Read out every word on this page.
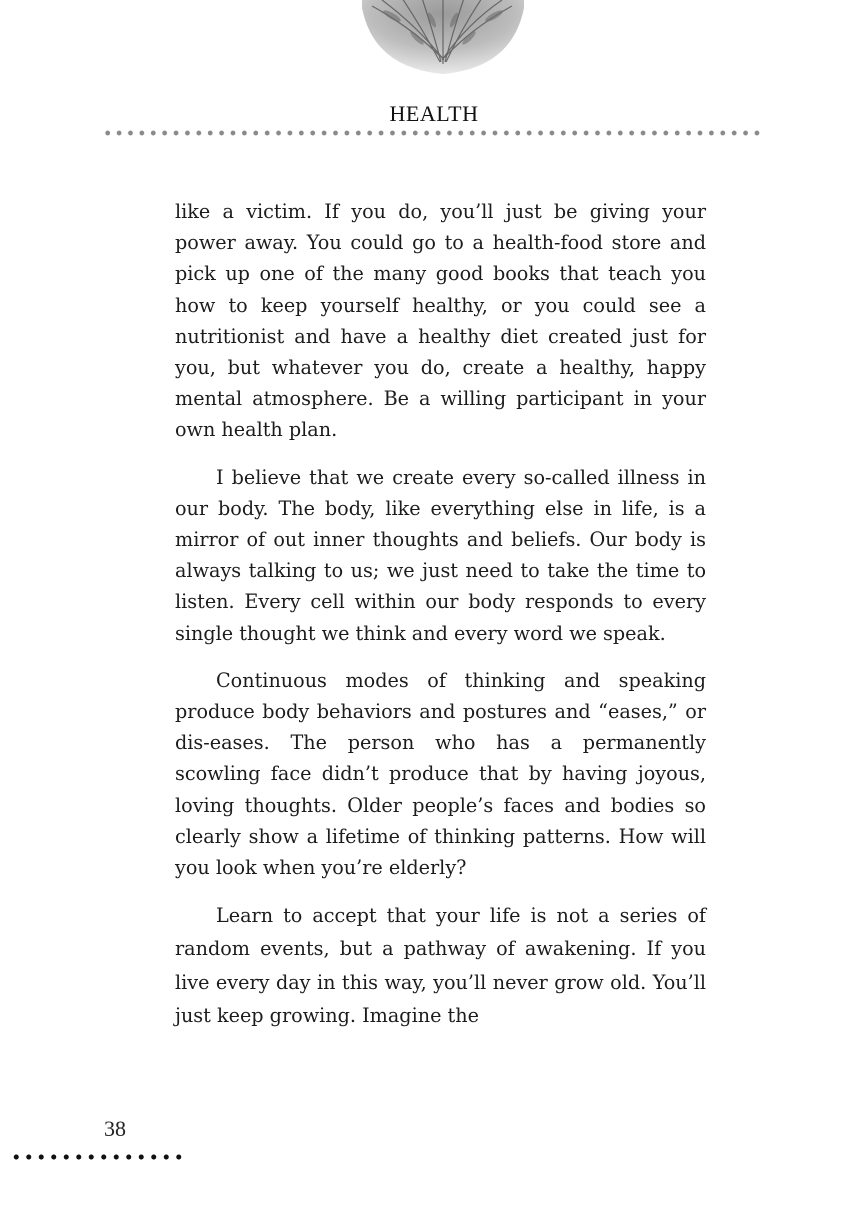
HEALTH

like a victim. If you do, you’ll just be giving your power away. You could go to a health-food store and pick up one of the many good books that teach you how to keep yourself healthy, or you could see a nutritionist and have a healthy diet created just for you, but whatever you do, create a healthy, happy mental atmosphere. Be a willing participant in your own health plan.

I believe that we create every so-called illness in our body. The body, like everything else in life, is a mirror of out inner thoughts and beliefs. Our body is always talking to us; we just need to take the time to listen. Every cell within our body responds to every single thought we think and every word we speak.

Continuous modes of thinking and speaking produce body behaviors and postures and “eases,” or dis-eases. The person who has a permanently scowling face didn’t produce that by having joyous, loving thoughts. Older people’s faces and bodies so clearly show a lifetime of thinking patterns. How will you look when you’re elderly?

Learn to accept that your life is not a series of random events, but a pathway of awakening. If you live every day in this way, you’ll never grow old. You’ll just keep growing. Imagine the

38
